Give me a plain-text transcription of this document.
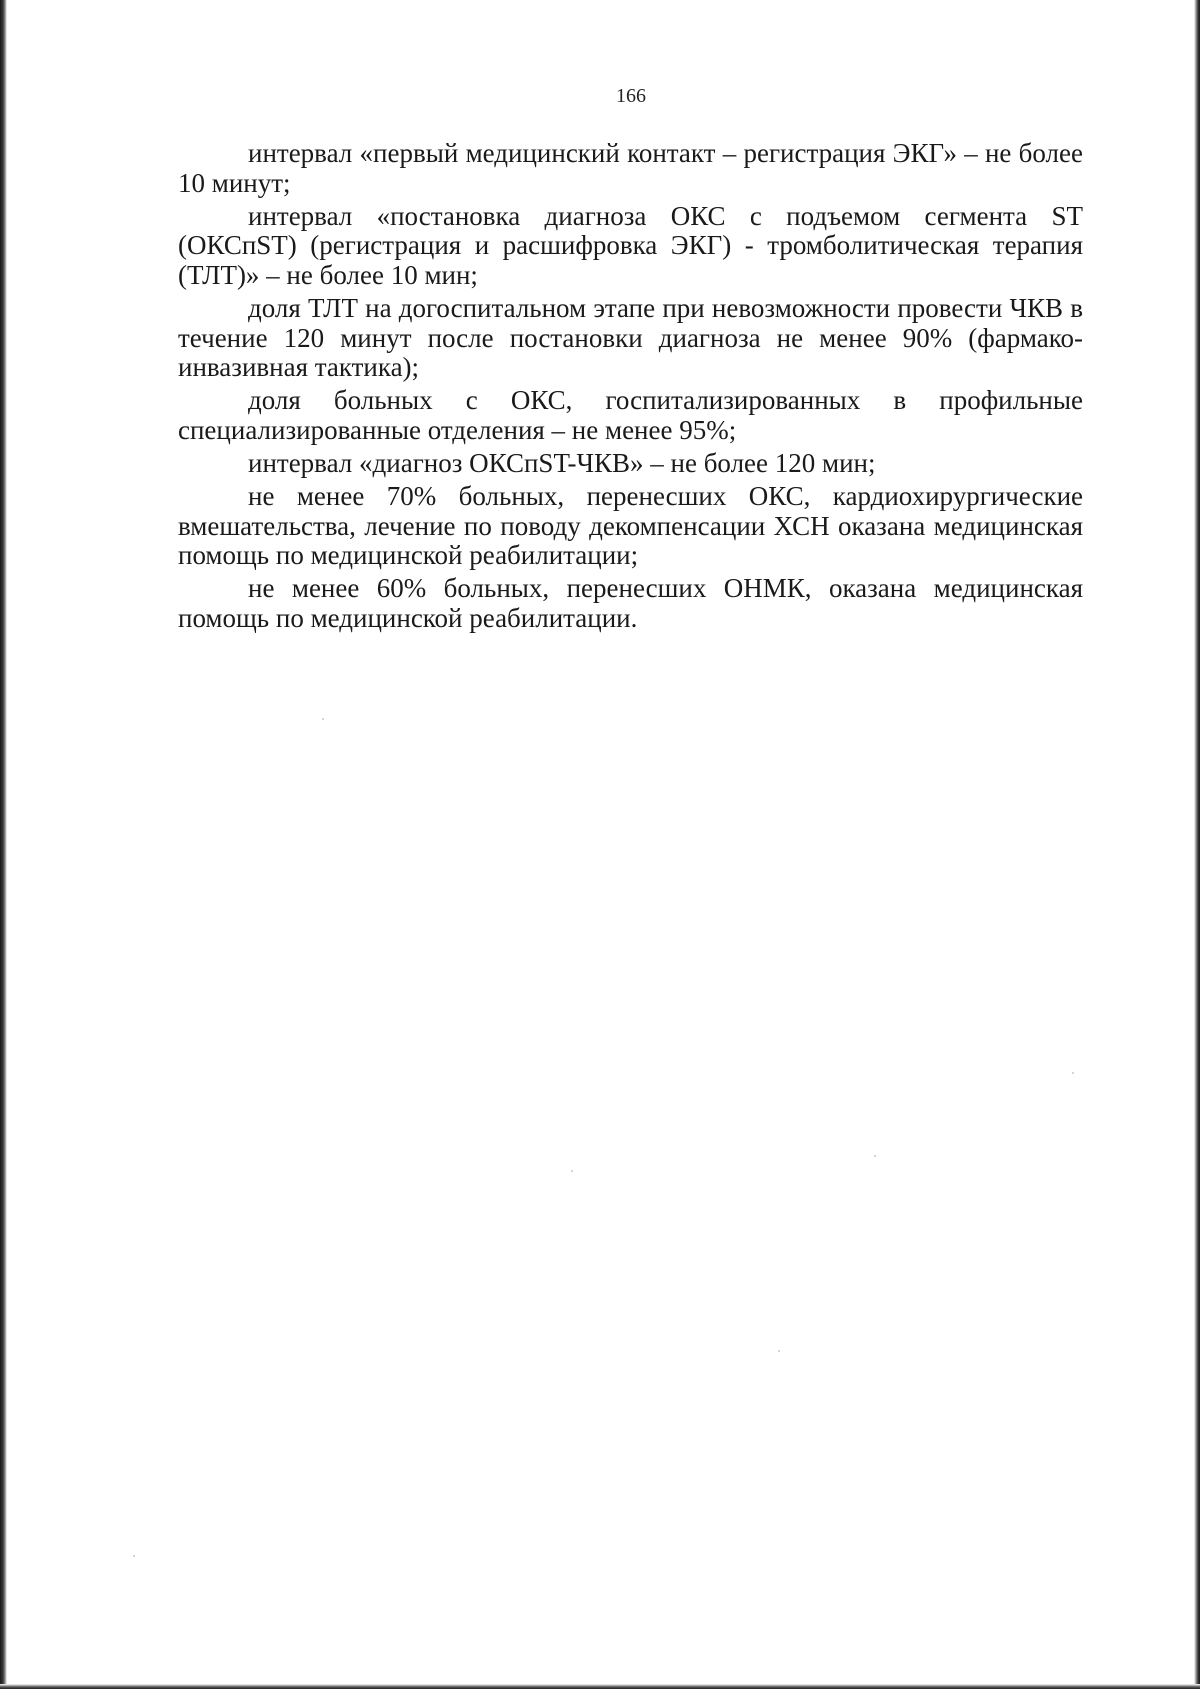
166

интервал «первый медицинский контакт – регистрация ЭКГ» – не более 10 минут;

интервал «постановка диагноза ОКС с подъемом сегмента ST (ОКСпST) (регистрация и расшифровка ЭКГ) - тромболитическая терапия (ТЛТ)» – не более 10 мин;

доля ТЛТ на догоспитальном этапе при невозможности провести ЧКВ в течение 120 минут после постановки диагноза не менее 90% (фармако-инвазивная тактика);

доля больных с ОКС, госпитализированных в профильные специализированные отделения – не менее 95%;

интервал «диагноз ОКСпST-ЧКВ» – не более 120 мин;

не менее 70% больных, перенесших ОКС, кардиохирургические вмешательства, лечение по поводу декомпенсации ХСН оказана медицинская помощь по медицинской реабилитации;

не менее 60% больных, перенесших ОНМК, оказана медицинская помощь по медицинской реабилитации.
